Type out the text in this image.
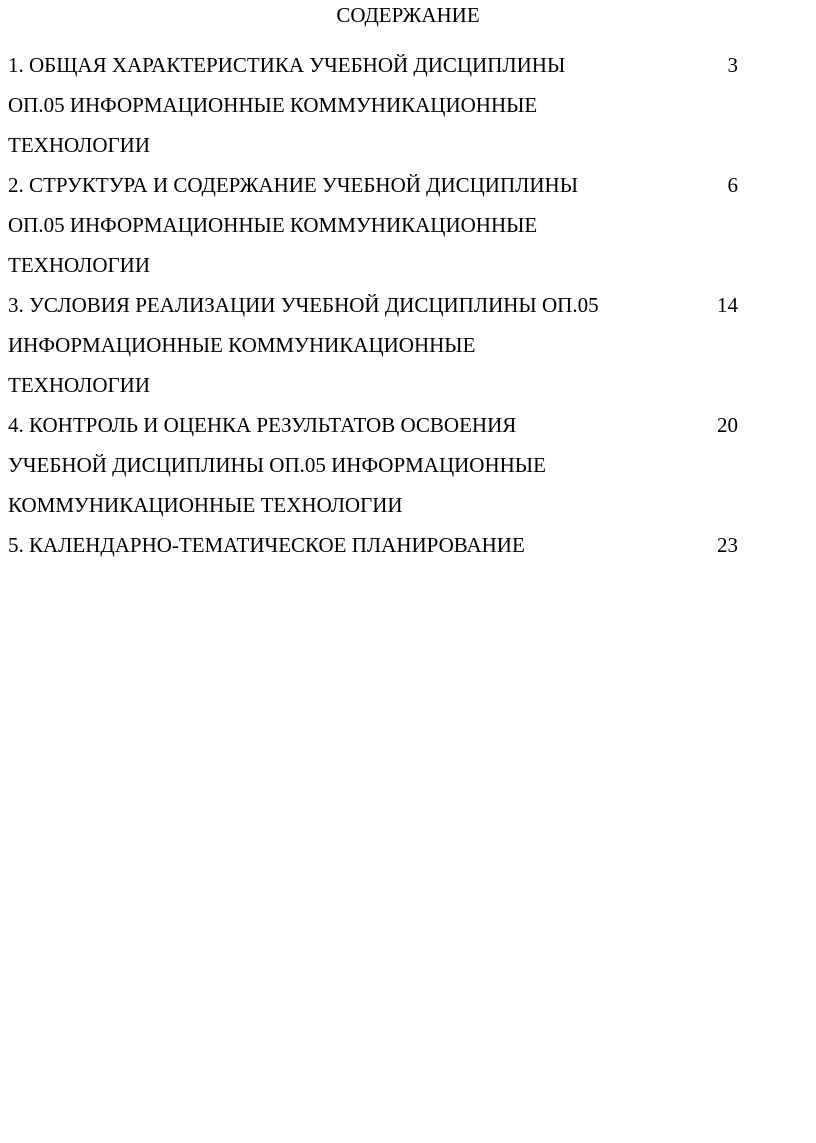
СОДЕРЖАНИЕ
1. ОБЩАЯ ХАРАКТЕРИСТИКА УЧЕБНОЙ ДИСЦИПЛИНЫ
ОП.05 ИНФОРМАЦИОННЫЕ КОММУНИКАЦИОННЫЕ
ТЕХНОЛОГИИ
3
2. СТРУКТУРА И СОДЕРЖАНИЕ УЧЕБНОЙ ДИСЦИПЛИНЫ
ОП.05 ИНФОРМАЦИОННЫЕ КОММУНИКАЦИОННЫЕ
ТЕХНОЛОГИИ
6
3. УСЛОВИЯ РЕАЛИЗАЦИИ УЧЕБНОЙ ДИСЦИПЛИНЫ ОП.05
ИНФОРМАЦИОННЫЕ КОММУНИКАЦИОННЫЕ
ТЕХНОЛОГИИ
14
4. КОНТРОЛЬ И ОЦЕНКА РЕЗУЛЬТАТОВ ОСВОЕНИЯ
УЧЕБНОЙ ДИСЦИПЛИНЫ ОП.05 ИНФОРМАЦИОННЫЕ
КОММУНИКАЦИОННЫЕ ТЕХНОЛОГИИ
20
5. КАЛЕНДАРНО-ТЕМАТИЧЕСКОЕ ПЛАНИРОВАНИЕ	23
